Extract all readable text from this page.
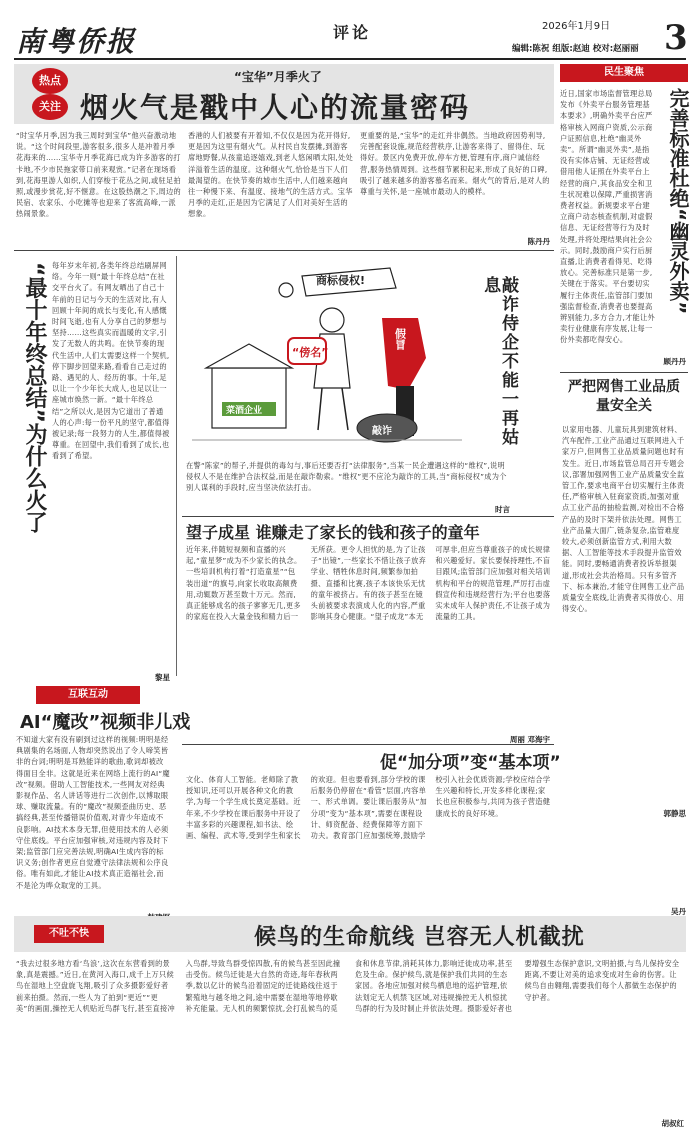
南粤侨报	评论	2026年1月9日
编辑:陈祝 组版:赵迪 校对:赵丽丽 3
热点
关注
“宝华”月季火了
烟火气是戳中人心的流量密码
“时宝华月季,因为我三周时到宝华”他兴奋激动地说。“这个时间段里,游客很多,很多人是冲着月季花海来的……宝华寺月季花海已成为许多游客的打卡地,不少市民拖家带口前来观赏。”记者在现场看到,花海里游人如织,人们穿梭于花丛之间,或驻足拍照,或漫步赏花,好不惬意。在这股热潮之下,周边的民宿、农家乐、小吃摊等也迎来了客流高峰,一派热闹景象。
香港的人们被要有开着知,不仅仅是因为花开得好,更是因为这里有烟火气。从村民自发摆摊,到游客席地野餐,从孩童追逐嬉戏,到老人悠闲晒太阳,处处洋溢着生活的温度。这种烟火气,恰恰是当下人们最渴望的。在快节奏的城市生活中,人们越来越向往一种慢下来、有温度、接地气的生活方式。宝华月季的走红,正是因为它满足了人们对美好生活的想象。
更重要的是,“宝华”的走红并非偶然。当地政府因势利导,完善配套设施,规范经营秩序,让游客来得了、留得住、玩得好。景区内免费开放,停车方便,管理有序,商户诚信经营,服务热情周到。这些细节累积起来,形成了良好的口碑,吸引了越来越多的游客慕名而来。烟火气的背后,是对人的尊重与关怀,是一座城市最动人的模样。
陈丹丹
“最十年终总结”为什么火了 每年岁末年初,各类年终总结刷屏网络。今年一则“最十年终总结”在社交平台火了。有网友晒出了自己十年前的日记与今天的生活对比,有人回顾十年间的成长与变化,有人感慨时间飞逝,也有人分享自己的梦想与坚持……这些真实而温暖的文字,引发了无数人的共鸣。在快节奏的现代生活中,人们太需要这样一个契机,停下脚步回望来路,看看自己走过的路、遇见的人、经历的事。十年,足以让一个少年长大成人,也足以让一座城市焕然一新。“最十年终总结”之所以火,是因为它道出了普通人的心声:每一份平凡的坚守,都值得被记录;每一段努力的人生,都值得被尊重。在回望中,我们看到了成长,也看到了希望。
黎星
商标侵权!
“傍名”
菜酒企业
假冒
敲诈	敲诈侍企不能一再姑息
在警“陈家”的帮子,并提供的毒勾与,事后还要否打“法律服务”,当某一民企遭遇这样的“维权”,说明侵权人不是在维护合法权益,而是在敲诈勒索。“维权”更不应沦为敲诈的工具,当“商标侵权”成为个别人谋利的手段时,应当坚决依法打击。
时言
民生聚焦
完善标准杜绝“幽灵外卖”
近日,国家市场监督管理总局发布《外卖平台服务管理基本要求》,明确外卖平台应严格审核入网商户资质,公示商户证照信息,杜绝“幽灵外卖”。所谓“幽灵外卖”,是指没有实体店铺、无证经营或借用他人证照在外卖平台上经营的商户,其食品安全和卫生状况难以保障,严重损害消费者权益。新规要求平台建立商户动态核查机制,对虚假信息、无证经营等行为及时处理,并将处理结果向社会公示。同时,鼓励商户实行后厨直播,让消费者看得见、吃得放心。完善标准只是第一步,关键在于落实。平台要切实履行主体责任,监管部门要加强监督检查,消费者也要提高辨别能力,多方合力,才能让外卖行业健康有序发展,让每一份外卖都吃得安心。
顾丹丹
严把网售工业品质量安全关
以家用电器、儿童玩具到建筑材料、汽车配件,工业产品通过互联网进入千家万户,但网售工业品质量问题也时有发生。近日,市场监管总局召开专题会议,部署加强网售工业产品质量安全监管工作,要求电商平台切实履行主体责任,严格审核入驻商家资质,加强对重点工业产品的抽检监测,对检出不合格产品的及时下架并依法处理。网售工业产品量大面广,链条复杂,监管难度较大,必须创新监管方式,利用大数据、人工智能等技术手段提升监管效能。同时,要畅通消费者投诉举报渠道,形成社会共治格局。只有多管齐下、标本兼治,才能守住网售工业产品质量安全底线,让消费者买得放心、用得安心。
郭静思
望子成星 谁赚走了家长的钱和孩子的童年
近年来,伴随短视频和直播的兴起,“童星梦”成为不少家长的执念。一些培训机构打着“打造童星”“包装出道”的旗号,向家长收取高额费用,动辄数万甚至数十万元。然而,真正能够成名的孩子寥寥无几,更多的家庭在投入大量金钱和精力后一无所获。更令人担忧的是,为了让孩子“出镜”,一些家长不惜让孩子放弃学业、牺牲休息时间,频繁参加拍摄、直播和比赛,孩子本该快乐无忧的童年被挤占。有的孩子甚至在镜头前被要求表演成人化的内容,严重影响其身心健康。“望子成龙”本无可厚非,但应当尊重孩子的成长规律和兴趣爱好。家长要保持理性,不盲目跟风;监管部门应加强对相关培训机构和平台的规范管理,严厉打击虚假宣传和违规经营行为;平台也要落实未成年人保护责任,不让孩子成为流量的工具。
周丽 邓海宇
互联互动
AI“魔改”视频非儿戏
不知道大家有没有刷到过这样的视频:明明是经典剧集的名场面,人物却突然说出了令人啼笑皆非的台词;明明是耳熟能详的歌曲,歌词却被改得面目全非。这就是近来在网络上流行的AI“魔改”视频。借助人工智能技术,一些网友对经典影视作品、名人讲话等进行二次创作,以博取眼球、赚取流量。有的“魔改”视频歪曲历史、恶搞经典,甚至传播错误价值观,对青少年造成不良影响。AI技术本身无罪,但使用技术的人必须守住底线。平台应加强审核,对违规内容及时下架;监管部门应完善法规,明确AI生成内容的标识义务;创作者更应自觉遵守法律法规和公序良俗。唯有如此,才能让AI技术真正造福社会,而不是沦为哗众取宠的工具。
促“加分项”变“基本项”
文化、体育人工智能。老师除了教授知识,还可以开展各种文化的教学,为每一个学生成长奠定基础。近年来,不少学校在课后服务中开设了丰富多彩的兴趣课程,如书法、绘画、编程、武术等,受到学生和家长的欢迎。但也要看到,部分学校的课后服务仍停留在“看管”层面,内容单一、形式单调。要让课后服务从“加分项”变为“基本项”,需要在课程设计、师资配备、经费保障等方面下功夫。教育部门应加强统筹,鼓励学校引入社会优质资源;学校应结合学生兴趣和特长,开发多样化课程;家长也应积极参与,共同为孩子营造健康成长的良好环境。
吴丹
不吐不快	候鸟的生命航线 岂容无人机截扰
“我去过很多地方看‘鸟浪’,这次在东营看到的景象,真是震撼。”近日,在黄河入海口,成千上万只候鸟在湿地上空盘旋飞翔,吸引了众多摄影爱好者前来拍摄。然而,一些人为了拍到“更近”“更美”的画面,操控无人机贴近鸟群飞行,甚至直接冲入鸟群,导致鸟群受惊四散,有的候鸟甚至因此撞击受伤。候鸟迁徙是大自然的奇迹,每年春秋两季,数以亿计的候鸟沿着固定的迁徙路线往返于繁殖地与越冬地之间,途中需要在湿地等地停歇补充能量。无人机的频繁惊扰,会打乱候鸟的觅食和休息节律,消耗其体力,影响迁徙成功率,甚至危及生命。保护候鸟,就是保护我们共同的生态家园。各地应加强对候鸟栖息地的巡护管理,依法划定无人机禁飞区域,对违规操控无人机惊扰鸟群的行为及时制止并依法处理。摄影爱好者也要增强生态保护意识,文明拍摄,与鸟儿保持安全距离,不要让对美的追求变成对生命的伤害。让候鸟自由翱翔,需要我们每个人都做生态保护的守护者。
胡叔红
